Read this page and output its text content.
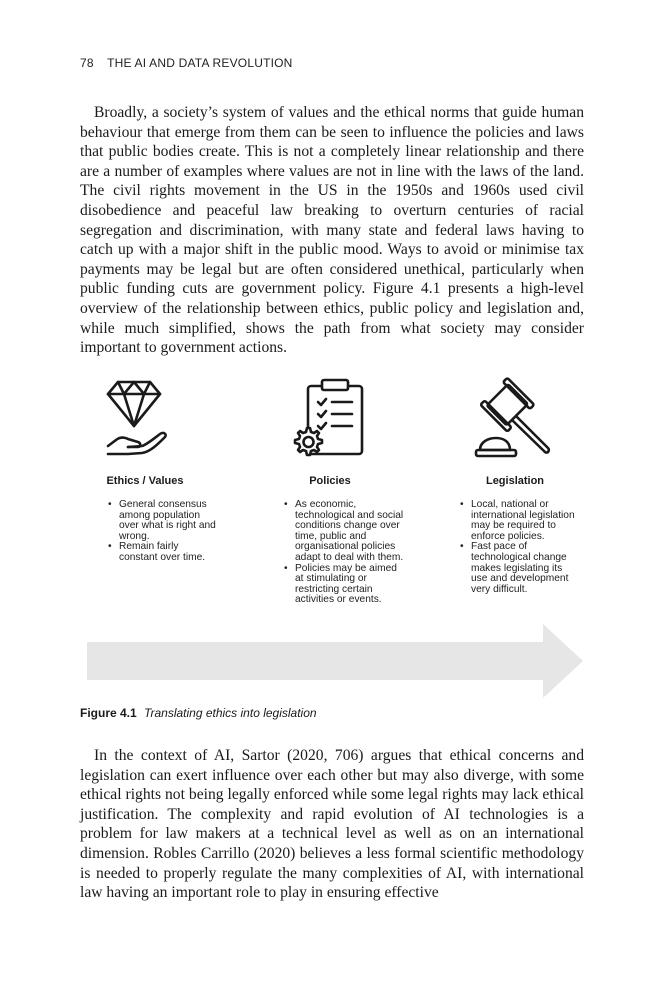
78 THE AI AND DATA REVOLUTION

Broadly, a society’s system of values and the ethical norms that guide human behaviour that emerge from them can be seen to influence the policies and laws that public bodies create. This is not a completely linear relationship and there are a number of examples where values are not in line with the laws of the land. The civil rights movement in the US in the 1950s and 1960s used civil disobedience and peaceful law breaking to overturn centuries of racial segregation and discrimination, with many state and federal laws having to catch up with a major shift in the public mood. Ways to avoid or minimise tax payments may be legal but are often considered unethical, particularly when public funding cuts are government policy. Figure 4.1 presents a high-level overview of the relationship between ethics, public policy and legislation and, while much simplified, shows the path from what society may consider important to government actions.

Ethics / Values	Policies	Legislation
• General consensus among population over what is right and wrong.
• Remain fairly constant over time.
• As economic, technological and social conditions change over time, public and organisational policies adapt to deal with them.
• Policies may be aimed at stimulating or restricting certain activities or events.
• Local, national or international legislation may be required to enforce policies.
• Fast pace of technological change makes legislating its use and development very difficult.
Figure 4.1 Translating ethics into legislation

In the context of AI, Sartor (2020, 706) argues that ethical concerns and legislation can exert influence over each other but may also diverge, with some ethical rights not being legally enforced while some legal rights may lack ethical justification. The complexity and rapid evolution of AI technologies is a problem for law makers at a technical level as well as on an international dimension. Robles Carrillo (2020) believes a less formal scientific methodology is needed to properly regulate the many complexities of AI, with international law having an important role to play in ensuring effective
